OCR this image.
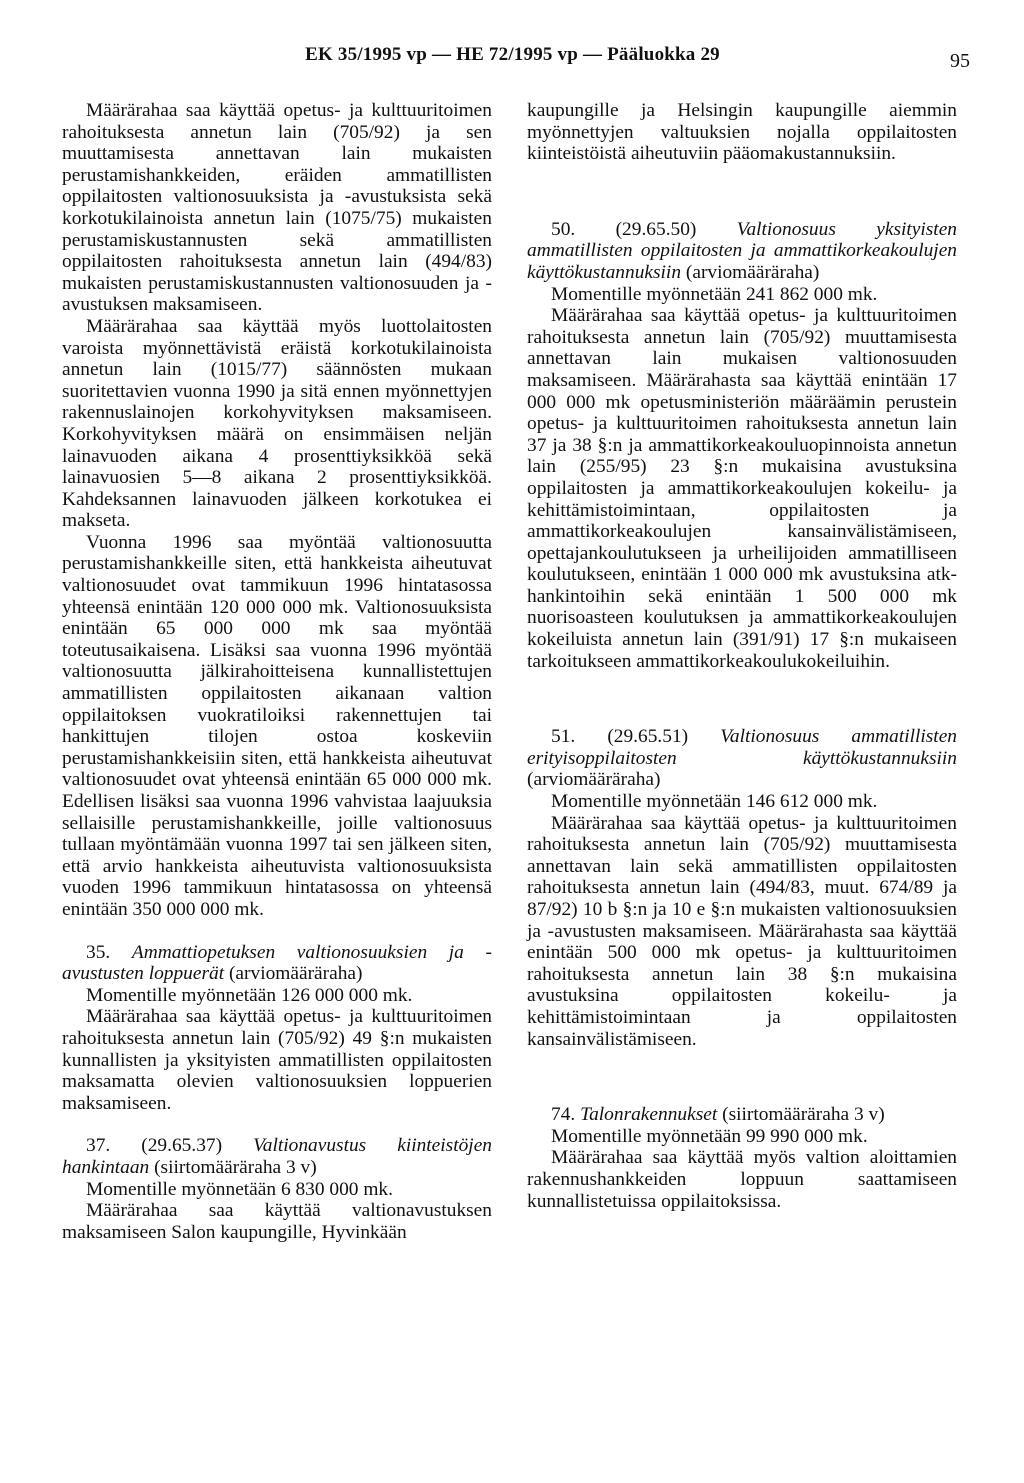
EK 35/1995 vp — HE 72/1995 vp — Pääluokka 29	95

Määrärahaa saa käyttää opetus- ja kulttuuritoimen rahoituksesta annetun lain (705/92) ja sen muuttamisesta annettavan lain mukaisten perustamishankkeiden, eräiden ammatillisten oppilaitosten valtionosuuksista ja -avustuksista sekä korkotukilainoista annetun lain (1075/75) mukaisten perustamiskustannusten sekä ammatillisten oppilaitosten rahoituksesta annetun lain (494/83) mukaisten perustamiskustannusten valtionosuuden ja -avustuksen maksamiseen.

Määrärahaa saa käyttää myös luottolaitosten varoista myönnettävistä eräistä korkotukilainoista annetun lain (1015/77) säännösten mukaan suoritettavien vuonna 1990 ja sitä ennen myönnettyjen rakennuslainojen korkohyvityksen maksamiseen. Korkohyvityksen määrä on ensimmäisen neljän lainavuoden aikana 4 prosenttiyksikköä sekä lainavuosien 5—8 aikana 2 prosenttiyksikköä. Kahdeksannen lainavuoden jälkeen korkotukea ei makseta.

Vuonna 1996 saa myöntää valtionosuutta perustamishankkeille siten, että hankkeista aiheutuvat valtionosuudet ovat tammikuun 1996 hintatasossa yhteensä enintään 120 000 000 mk. Valtionosuuksista enintään 65 000 000 mk saa myöntää toteutusaikaisena. Lisäksi saa vuonna 1996 myöntää valtionosuutta jälkirahoitteisena kunnallistettujen ammatillisten oppilaitosten aikanaan valtion oppilaitoksen vuokratiloiksi rakennettujen tai hankittujen tilojen ostoa koskeviin perustamishankkeisiin siten, että hankkeista aiheutuvat valtionosuudet ovat yhteensä enintään 65 000 000 mk. Edellisen lisäksi saa vuonna 1996 vahvistaa laajuuksia sellaisille perustamishankkeille, joille valtionosuus tullaan myöntämään vuonna 1997 tai sen jälkeen siten, että arvio hankkeista aiheutuvista valtionosuuksista vuoden 1996 tammikuun hintatasossa on yhteensä enintään 350 000 000 mk.

35. Ammattiopetuksen valtionosuuksien ja -avustusten loppuerät (arviomääräraha)

Momentille myönnetään 126 000 000 mk.

Määrärahaa saa käyttää opetus- ja kulttuuritoimen rahoituksesta annetun lain (705/92) 49 §:n mukaisten kunnallisten ja yksityisten ammatillisten oppilaitosten maksamatta olevien valtionosuuksien loppuerien maksamiseen.

37. (29.65.37) Valtionavustus kiinteistöjen hankintaan (siirtomääräraha 3 v)

Momentille myönnetään 6 830 000 mk.

Määrärahaa saa käyttää valtionavustuksen maksamiseen Salon kaupungille, Hyvinkään

kaupungille ja Helsingin kaupungille aiemmin myönnettyjen valtuuksien nojalla oppilaitosten kiinteistöistä aiheutuviin pääomakustannuksiin.

50. (29.65.50) Valtionosuus yksityisten ammatillisten oppilaitosten ja ammattikorkeakoulujen käyttökustannuksiin (arviomääräraha)

Momentille myönnetään 241 862 000 mk.

Määrärahaa saa käyttää opetus- ja kulttuuritoimen rahoituksesta annetun lain (705/92) muuttamisesta annettavan lain mukaisen valtionosuuden maksamiseen. Määrärahasta saa käyttää enintään 17 000 000 mk opetusministeriön määräämin perustein opetus- ja kulttuuritoimen rahoituksesta annetun lain 37 ja 38 §:n ja ammattikorkeakouluopinnoista annetun lain (255/95) 23 §:n mukaisina avustuksina oppilaitosten ja ammattikorkeakoulujen kokeilu- ja kehittämistoimintaan, oppilaitosten ja ammattikorkeakoulujen kansainvälistämiseen, opettajankoulutukseen ja urheilijoiden ammatilliseen koulutukseen, enintään 1 000 000 mk avustuksina atk-hankintoihin sekä enintään 1 500 000 mk nuorisoasteen koulutuksen ja ammattikorkeakoulujen kokeiluista annetun lain (391/91) 17 §:n mukaiseen tarkoitukseen ammattikorkeakoulukokeiluihin.

51. (29.65.51) Valtionosuus ammatillisten erityisoppilaitosten käyttökustannuksiin (arviomääräraha)

Momentille myönnetään 146 612 000 mk.

Määrärahaa saa käyttää opetus- ja kulttuuritoimen rahoituksesta annetun lain (705/92) muuttamisesta annettavan lain sekä ammatillisten oppilaitosten rahoituksesta annetun lain (494/83, muut. 674/89 ja 87/92) 10 b §:n ja 10 e §:n mukaisten valtionosuuksien ja -avustusten maksamiseen. Määrärahasta saa käyttää enintään 500 000 mk opetus- ja kulttuuritoimen rahoituksesta annetun lain 38 §:n mukaisina avustuksina oppilaitosten kokeilu- ja kehittämistoimintaan ja oppilaitosten kansainvälistämiseen.

74. Talonrakennukset (siirtomääräraha 3 v)

Momentille myönnetään 99 990 000 mk.

Määrärahaa saa käyttää myös valtion aloittamien rakennushankkeiden loppuun saattamiseen kunnallistetuissa oppilaitoksissa.
